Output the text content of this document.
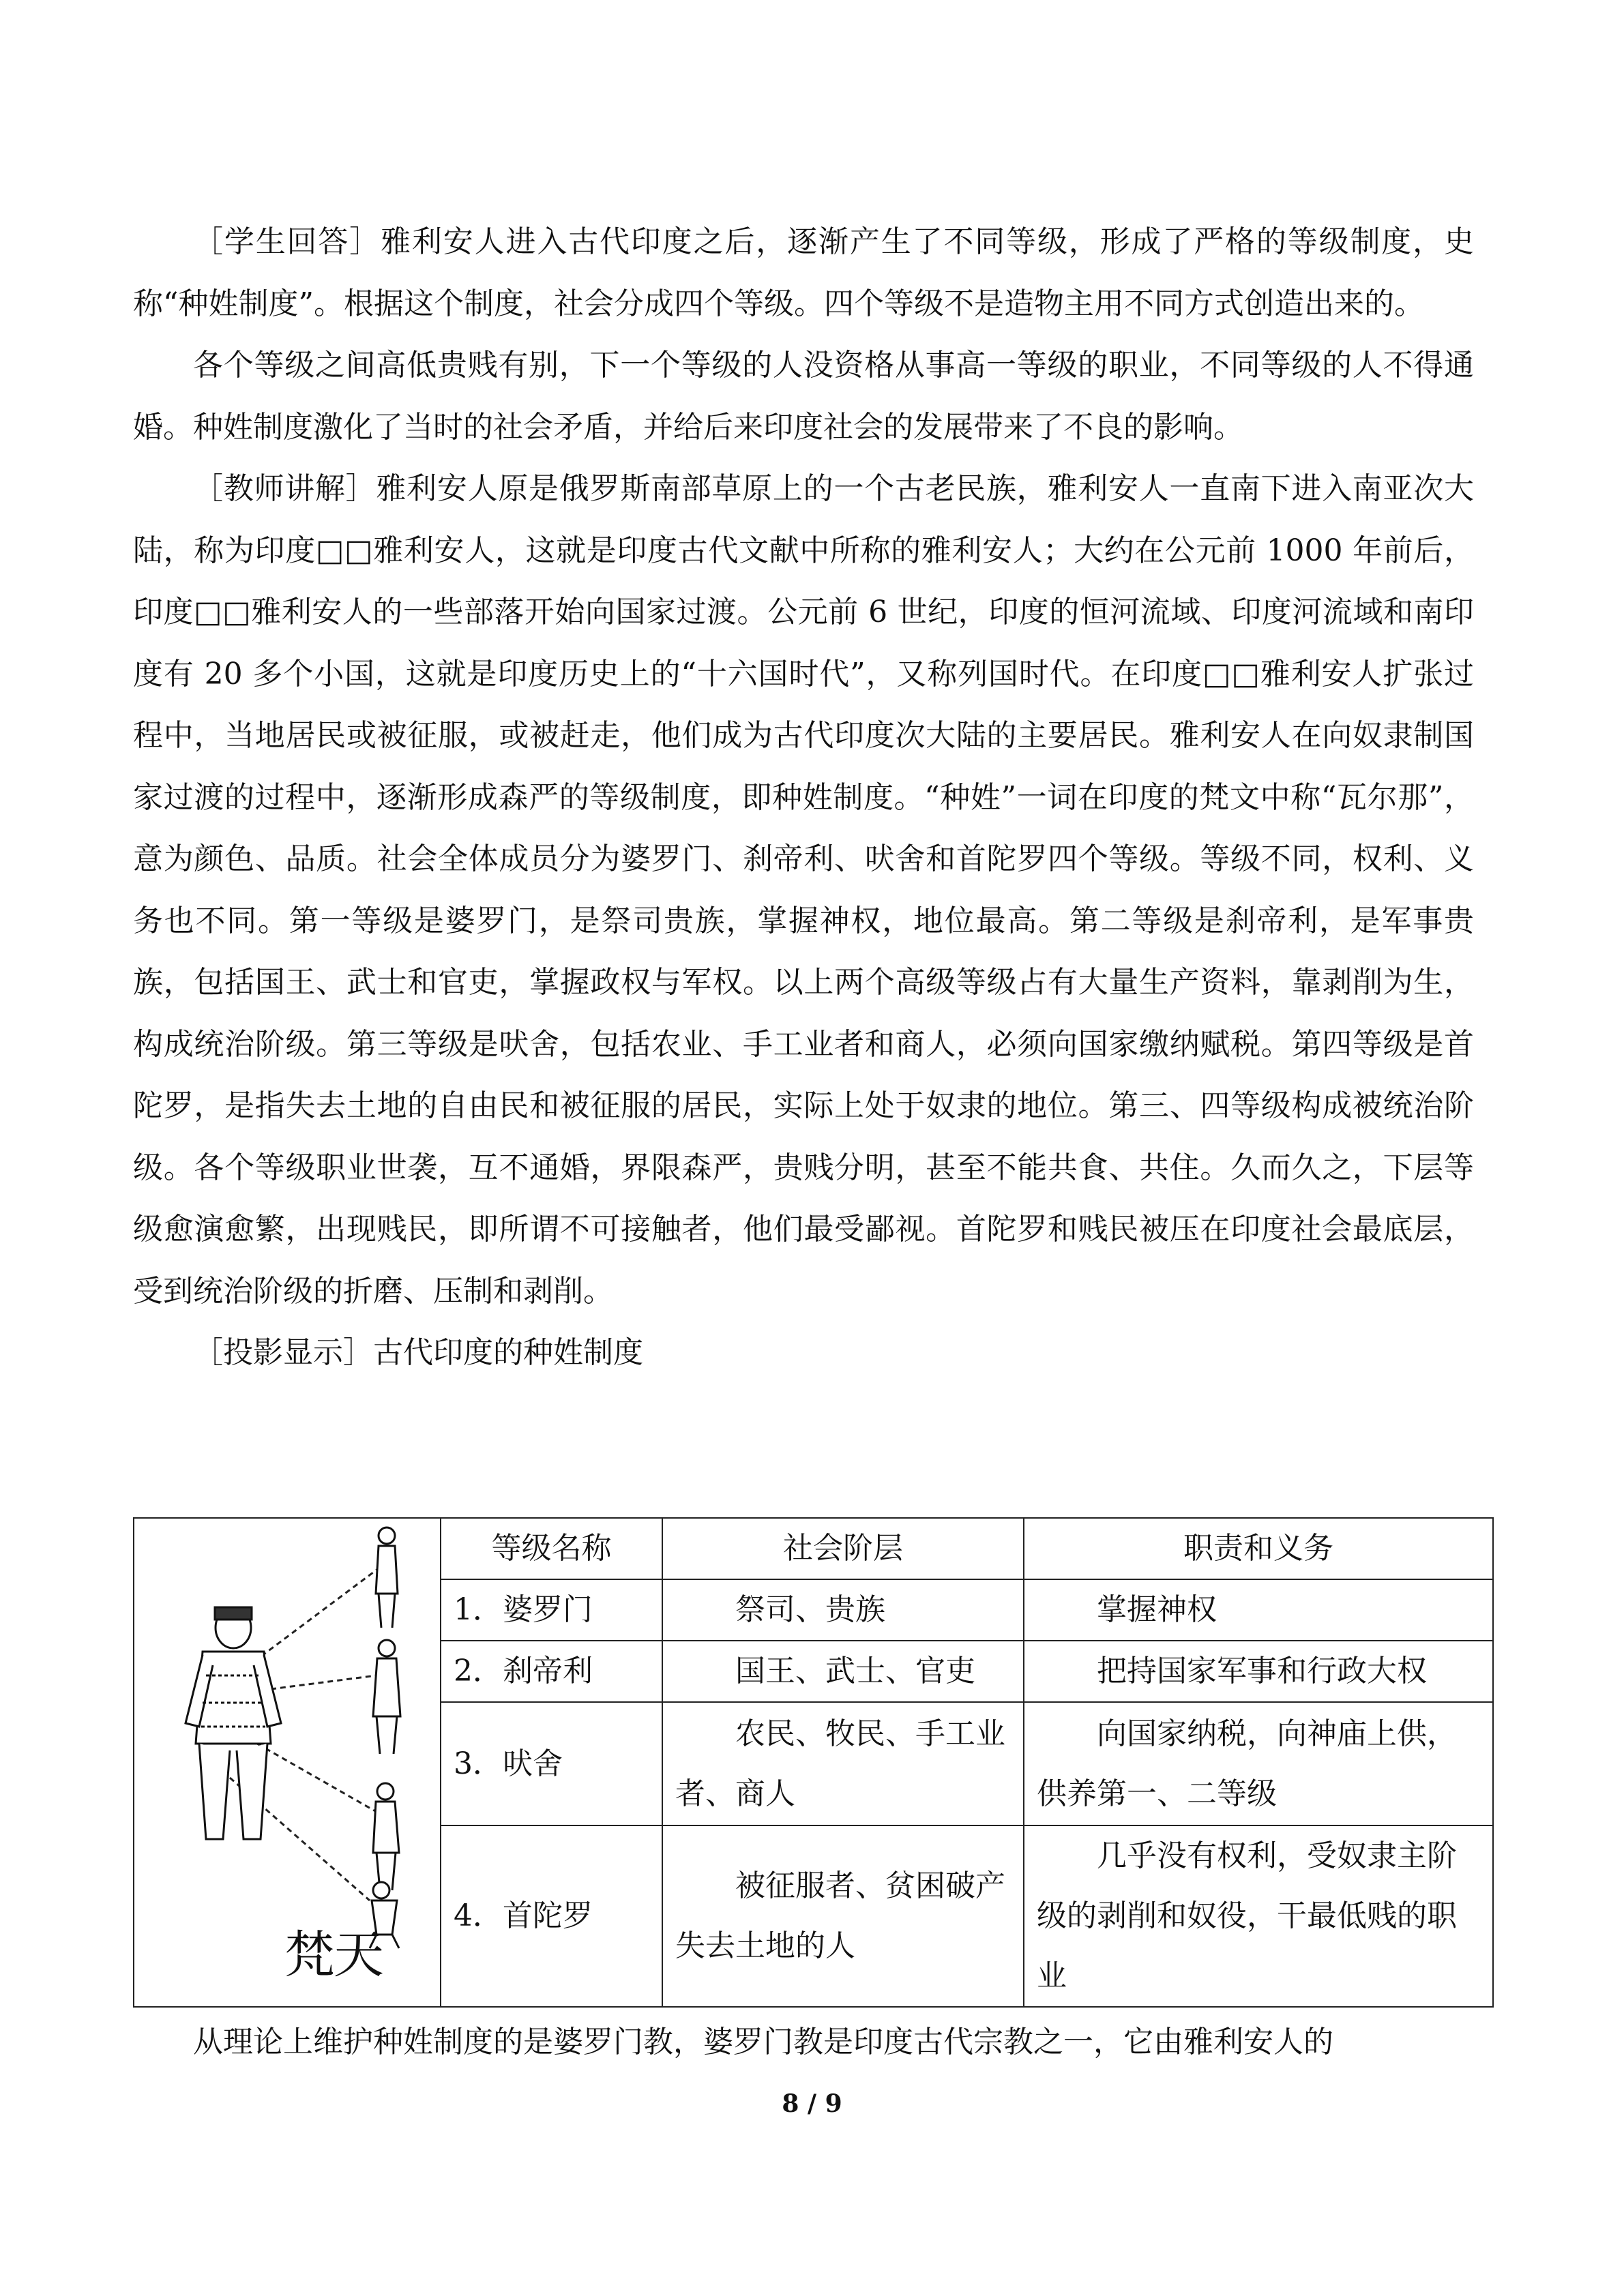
［学生回答］雅利安人进入古代印度之后，逐渐产生了不同等级，形成了严格的等级制度，史称“种姓制度”。根据这个制度，社会分成四个等级。四个等级不是造物主用不同方式创造出来的。

各个等级之间高低贵贱有别，下一个等级的人没资格从事高一等级的职业，不同等级的人不得通婚。种姓制度激化了当时的社会矛盾，并给后来印度社会的发展带来了不良的影响。

［教师讲解］雅利安人原是俄罗斯南部草原上的一个古老民族，雅利安人一直南下进入南亚次大陆，称为印度□□雅利安人，这就是印度古代文献中所称的雅利安人；大约在公元前 1000 年前后，印度□□雅利安人的一些部落开始向国家过渡。公元前 6 世纪，印度的恒河流域、印度河流域和南印度有 20 多个小国，这就是印度历史上的“十六国时代”，又称列国时代。在印度□□雅利安人扩张过程中，当地居民或被征服，或被赶走，他们成为古代印度次大陆的主要居民。雅利安人在向奴隶制国家过渡的过程中，逐渐形成森严的等级制度，即种姓制度。“种姓”一词在印度的梵文中称“瓦尔那”，意为颜色、品质。社会全体成员分为婆罗门、刹帝利、吠舍和首陀罗四个等级。等级不同，权利、义务也不同。第一等级是婆罗门，是祭司贵族，掌握神权，地位最高。第二等级是刹帝利，是军事贵族，包括国王、武士和官吏，掌握政权与军权。以上两个高级等级占有大量生产资料，靠剥削为生，构成统治阶级。第三等级是吠舍，包括农业、手工业者和商人，必须向国家缴纳赋税。第四等级是首陀罗，是指失去土地的自由民和被征服的居民，实际上处于奴隶的地位。第三、四等级构成被统治阶级。各个等级职业世袭，互不通婚，界限森严，贵贱分明，甚至不能共食、共住。久而久之，下层等级愈演愈繁，出现贱民，即所谓不可接触者，他们最受鄙视。首陀罗和贱民被压在印度社会最底层，受到统治阶级的折磨、压制和剥削。

［投影显示］古代印度的种姓制度

梵天	等级名称	社会阶层	职责和义务
	1．婆罗门	祭司、贵族	掌握神权
	2．刹帝利	国王、武士、官吏	把持国家军事和行政大权
	3．吠舍	农民、牧民、手工业者、商人	向国家纳税，向神庙上供，供养第一、二等级
	4．首陀罗	被征服者、贫困破产失去土地的人	几乎没有权利，受奴隶主阶级的剥削和奴役，干最低贱的职业

从理论上维护种姓制度的是婆罗门教，婆罗门教是印度古代宗教之一，它由雅利安人的

8 / 9
